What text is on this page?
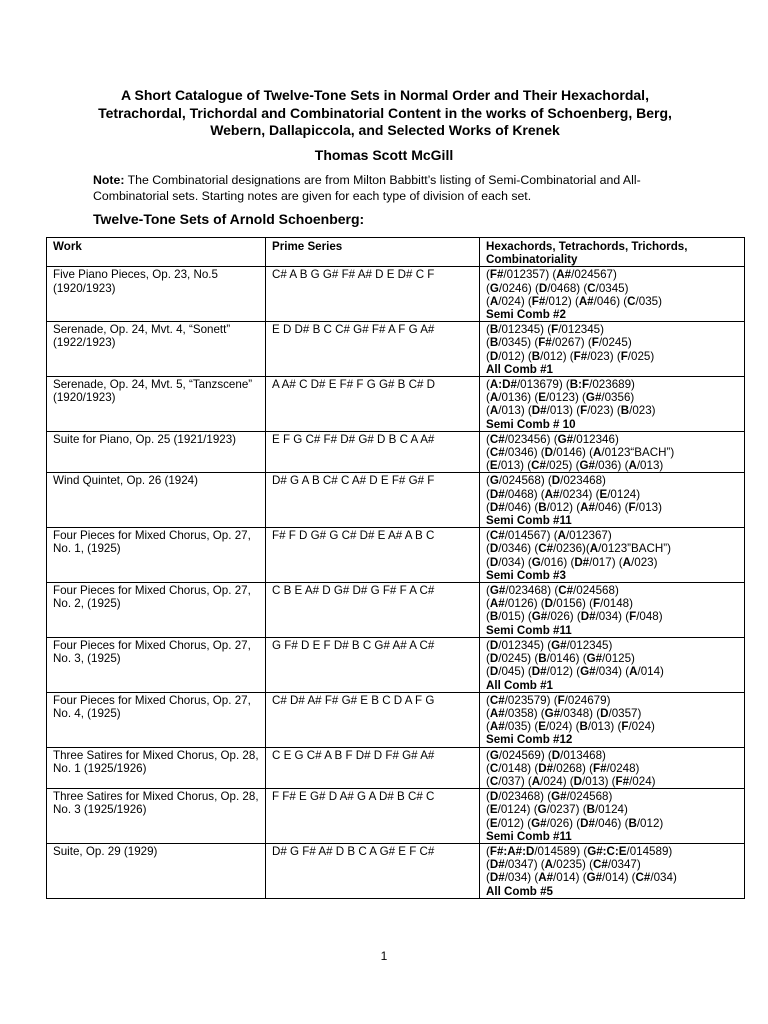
A Short Catalogue of Twelve-Tone Sets in Normal Order and Their Hexachordal, Tetrachordal, Trichordal and Combinatorial Content in the works of Schoenberg, Berg, Webern, Dallapiccola, and Selected Works of Krenek
Thomas Scott McGill
Note: The Combinatorial designations are from Milton Babbitt’s listing of Semi-Combinatorial and All-Combinatorial sets. Starting notes are given for each type of division of each set.
Twelve-Tone Sets of Arnold Schoenberg:
Work	Prime Series	Hexachords, Tetrachords, Trichords, Combinatoriality
Five Piano Pieces, Op. 23, No.5 (1920/1923)	C# A B G G# F# A# D E D# C F	(F#/012357) (A#/024567)
(G/0246) (D/0468) (C/0345)
(A/024) (F#/012) (A#/046) (C/035)
Semi Comb #2

Serenade, Op. 24, Mvt. 4, “Sonett” (1922/1923)	E D D# B C C# G# F# A F G A#	(B/012345) (F/012345)
(B/0345) (F#/0267) (F/0245)
(D/012) (B/012) (F#/023) (F/025)
All Comb #1

Serenade, Op. 24, Mvt. 5, “Tanzscene” (1920/1923)	A A# C D# E F# F G G# B C# D	(A:D#/013679) (B:F/023689)
(A/0136) (E/0123) (G#/0356)
(A/013) (D#/013) (F/023) (B/023)
Semi Comb # 10

Suite for Piano, Op. 25 (1921/1923)	E F G C# F# D# G# D B C A A#	(C#/023456) (G#/012346)
(C#/0346) (D/0146) (A/0123“BACH”)
(E/013) (C#/025) (G#/036) (A/013)

Wind Quintet, Op. 26 (1924)	D# G A B C# C A# D E F# G# F	(G/024568) (D/023468)
(D#/0468) (A#/0234) (E/0124)
(D#/046) (B/012) (A#/046) (F/013)
Semi Comb #11

Four Pieces for Mixed Chorus, Op. 27, No. 1, (1925)	F# F D G# G C# D# E A# A B C	(C#/014567) (A/012367)
(D/0346) (C#/0236)(A/0123”BACH”)
(D/034) (G/016) (D#/017) (A/023)
Semi Comb #3

Four Pieces for Mixed Chorus, Op. 27, No. 2, (1925)	C B E A# D G# D# G F# F A C#	(G#/023468) (C#/024568)
(A#/0126) (D/0156) (F/0148)
(B/015) (G#/026) (D#/034) (F/048)
Semi Comb #11

Four Pieces for Mixed Chorus, Op. 27, No. 3, (1925)	G F# D E F D# B C G# A# A C#	(D/012345) (G#/012345)
(D/0245) (B/0146) (G#/0125)
(D/045) (D#/012) (G#/034) (A/014)
All Comb #1

Four Pieces for Mixed Chorus, Op. 27, No. 4, (1925)	C# D# A# F# G# E B C D A F G	(C#/023579) (F/024679)
(A#/0358) (G#/0348) (D/0357)
(A#/035) (E/024) (B/013) (F/024)
Semi Comb #12

Three Satires for Mixed Chorus, Op. 28, No. 1 (1925/1926)	C E G C# A B F D# D F# G# A#	(G/024569) (D/013468)
(C/0148) (D#/0268) (F#/0248)
(C/037) (A/024) (D/013) (F#/024)

Three Satires for Mixed Chorus, Op. 28, No. 3 (1925/1926)	F F# E G# D A# G A D# B C# C	(D/023468) (G#/024568)
(E/0124) (G/0237) (B/0124)
(E/012) (G#/026) (D#/046) (B/012)
Semi Comb #11

Suite, Op. 29 (1929)	D# G F# A# D B C A G# E F C#	(F#:A#:D/014589) (G#:C:E/014589)
(D#/0347) (A/0235) (C#/0347)
(D#/034) (A#/014) (G#/014) (C#/034)
All Comb #5
1
